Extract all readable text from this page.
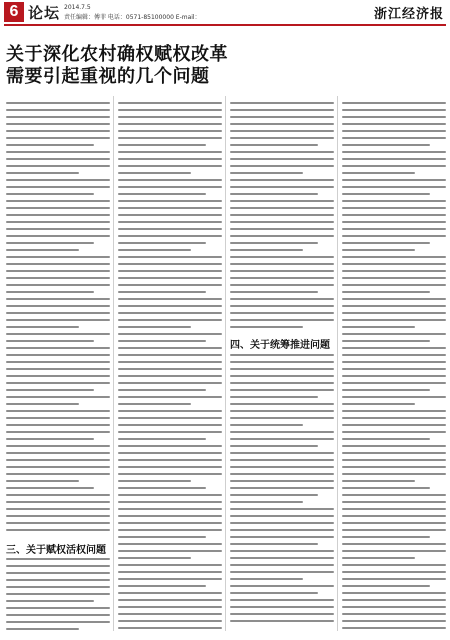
6 论坛 2014.7.5
责任编辑：傅菲 电话：0571-85100000 E-mail：	浙江经济报
关于深化农村确权赋权改革
需要引起重视的几个问题
三、关于赋权活权问题
四、关于统筹推进问题
